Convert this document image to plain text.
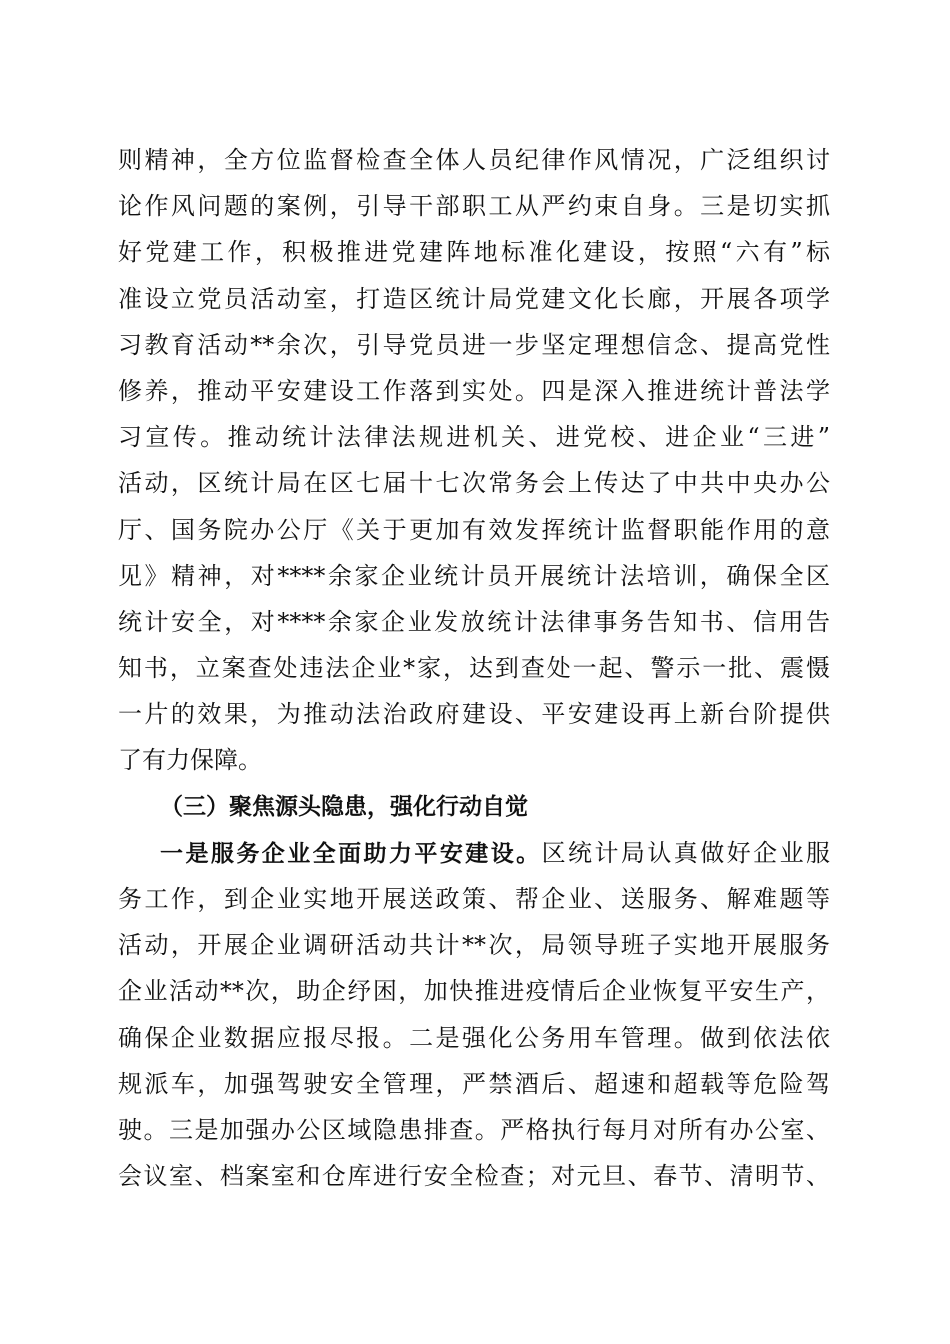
则精神，全方位监督检查全体人员纪律作风情况，广泛组织讨
论作风问题的案例，引导干部职工从严约束自身。三是切实抓
好党建工作，积极推进党建阵地标准化建设，按照“六有”标
准设立党员活动室，打造区统计局党建文化长廊，开展各项学
习教育活动**余次，引导党员进一步坚定理想信念、提高党性
修养，推动平安建设工作落到实处。四是深入推进统计普法学
习宣传。推动统计法律法规进机关、进党校、进企业“三进”
活动，区统计局在区七届十七次常务会上传达了中共中央办公
厅、国务院办公厅《关于更加有效发挥统计监督职能作用的意
见》精神，对****余家企业统计员开展统计法培训，确保全区
统计安全，对****余家企业发放统计法律事务告知书、信用告
知书，立案查处违法企业*家，达到查处一起、警示一批、震慑
一片的效果，为推动法治政府建设、平安建设再上新台阶提供
了有力保障。
（三）聚焦源头隐患，强化行动自觉
一是服务企业全面助力平安建设。区统计局认真做好企业服
务工作，到企业实地开展送政策、帮企业、送服务、解难题等
活动，开展企业调研活动共计**次，局领导班子实地开展服务
企业活动**次，助企纾困，加快推进疫情后企业恢复平安生产，
确保企业数据应报尽报。二是强化公务用车管理。做到依法依
规派车，加强驾驶安全管理，严禁酒后、超速和超载等危险驾
驶。三是加强办公区域隐患排查。严格执行每月对所有办公室、
会议室、档案室和仓库进行安全检查；对元旦、春节、清明节、
